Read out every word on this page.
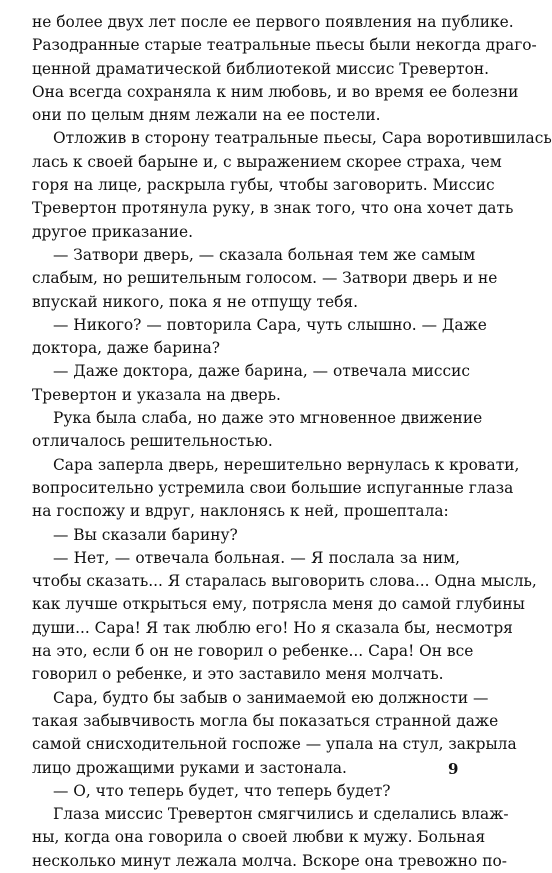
не более двух лет после ее первого появления на публике.
Разодранные старые театральные пьесы были некогда драго-
ценной драматической библиотекой миссис Тревертон.
Она всегда сохраняла к ним любовь, и во время ее болезни
они по целым дням лежали на ее постели.
Отложив в сторону театральные пьесы, Сара воротившилась
лась к своей барыне и, с выражением скорее страха, чем
горя на лице, раскрыла губы, чтобы заговорить. Миссис
Тревертон протянула руку, в знак того, что она хочет дать
другое приказание.
— Затвори дверь, — сказала больная тем же самым
слабым, но решительным голосом. — Затвори дверь и не
впускай никого, пока я не отпущу тебя.
— Никого? — повторила Сара, чуть слышно. — Даже
доктора, даже барина?
— Даже доктора, даже барина, — отвечала миссис
Тревертон и указала на дверь.
Рука была слаба, но даже это мгновенное движение
отличалось решительностью.
Сара заперла дверь, нерешительно вернулась к кровати,
вопросительно устремила свои большие испуганные глаза
на госпожу и вдруг, наклонясь к ней, прошептала:
— Вы сказали барину?
— Нет, — отвечала больная. — Я послала за ним,
чтобы сказать... Я старалась выговорить слова... Одна мысль,
как лучше открыться ему, потрясла меня до самой глубины
души... Сара! Я так люблю его! Но я сказала бы, несмотря
на это, если б он не говорил о ребенке... Сара! Он все
говорил о ребенке, и это заставило меня молчать.
Сара, будто бы забыв о занимаемой ею должности —
такая забывчивость могла бы показаться странной даже
самой снисходительной госпоже — упала на стул, закрыла
лицо дрожащими руками и застонала.
— О, что теперь будет, что теперь будет?
Глаза миссис Тревертон смягчились и сделались влаж-
ны, когда она говорила о своей любви к мужу. Больная
несколько минут лежала молча. Вскоре она тревожно по-
9
